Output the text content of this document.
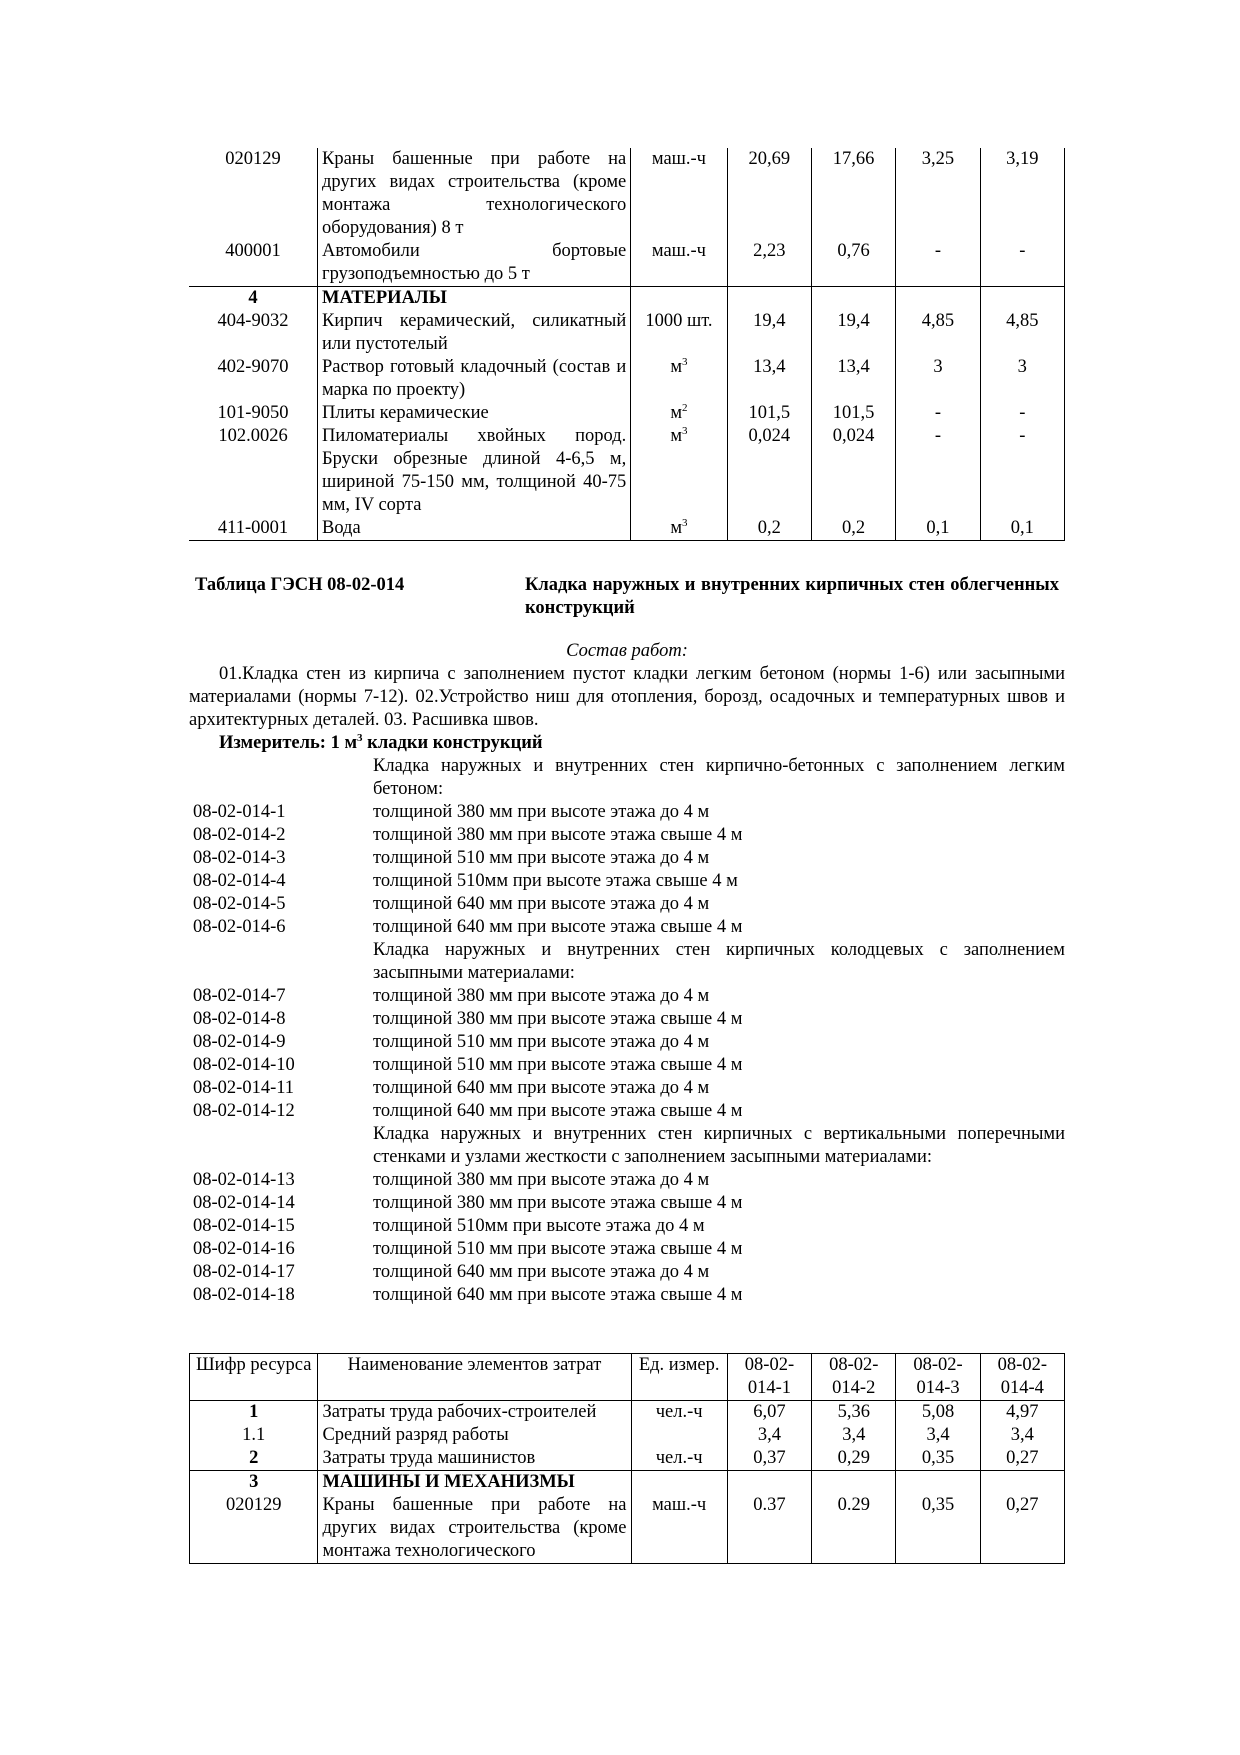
020129	Краны башенные при работе на других видах строительства (кроме монтажа технологического оборудования) 8 т	маш.-ч	20,69	17,66	3,25	3,19
400001	Автомобили бортовые грузоподъемностью до 5 т	маш.-ч	2,23	0,76	-	-
4	МАТЕРИАЛЫ					
404-9032	Кирпич керамический, силикатный или пустотелый	1000 шт.	19,4	19,4	4,85	4,85
402-9070	Раствор готовый кладочный (состав и марка по проекту)	$м^3$	13,4	13,4	3	3
101-9050	Плиты керамические	$м^2$	101,5	101,5	-	-
102.0026	Пиломатериалы хвойных пород. Бруски обрезные длиной 4-6,5 м, шириной 75-150 мм, толщиной 40-75 мм, IV сорта	$м^3$	0,024	0,024	-	-
411-0001	Вода	$м^3$	0,2	0,2	0,1	0,1
Таблица ГЭСН 08-02-014	Кладка наружных и внутренних кирпичных стен облегченных конструкций
Состав работ:
01.Кладка стен из кирпича с заполнением пустот кладки легким бетоном (нормы 1-6) или засыпными материалами (нормы 7-12). 02.Устройство ниш для отопления, борозд, осадочных и температурных швов и архитектурных деталей. 03. Расшивка швов.
Измеритель: 1 $м^3$ кладки конструкций
Кладка наружных и внутренних стен кирпично-бетонных с заполнением легким бетоном:
08-02-014-1	толщиной 380 мм при высоте этажа до 4 м
08-02-014-2	толщиной 380 мм при высоте этажа свыше 4 м
08-02-014-3	толщиной 510 мм при высоте этажа до 4 м
08-02-014-4	толщиной 510мм при высоте этажа свыше 4 м
08-02-014-5	толщиной 640 мм при высоте этажа до 4 м
08-02-014-6	толщиной 640 мм при высоте этажа свыше 4 м
Кладка наружных и внутренних стен кирпичных колодцевых с заполнением засыпными материалами:
08-02-014-7	толщиной 380 мм при высоте этажа до 4 м
08-02-014-8	толщиной 380 мм при высоте этажа свыше 4 м
08-02-014-9	толщиной 510 мм при высоте этажа до 4 м
08-02-014-10	толщиной 510 мм при высоте этажа свыше 4 м
08-02-014-11	толщиной 640 мм при высоте этажа до 4 м
08-02-014-12	толщиной 640 мм при высоте этажа свыше 4 м
Кладка наружных и внутренних стен кирпичных с вертикальными поперечными стенками и узлами жесткости с заполнением засыпными материалами:
08-02-014-13	толщиной 380 мм при высоте этажа до 4 м
08-02-014-14	толщиной 380 мм при высоте этажа свыше 4 м
08-02-014-15	толщиной 510мм при высоте этажа до 4 м
08-02-014-16	толщиной 510 мм при высоте этажа свыше 4 м
08-02-014-17	толщиной 640 мм при высоте этажа до 4 м
08-02-014-18	толщиной 640 мм при высоте этажа свыше 4 м
Шифр ресурса	Наименование элементов затрат	Ед. измер.	08-02-014-1	08-02-014-2	08-02-014-3	08-02-014-4
1	Затраты труда рабочих-строителей	чел.-ч	6,07	5,36	5,08	4,97
1.1	Средний разряд работы		3,4	3,4	3,4	3,4
2	Затраты труда машинистов	чел.-ч	0,37	0,29	0,35	0,27
3	МАШИНЫ И МЕХАНИЗМЫ					
020129	Краны башенные при работе на других видах строительства (кроме монтажа технологического	маш.-ч	0.37	0.29	0,35	0,27
